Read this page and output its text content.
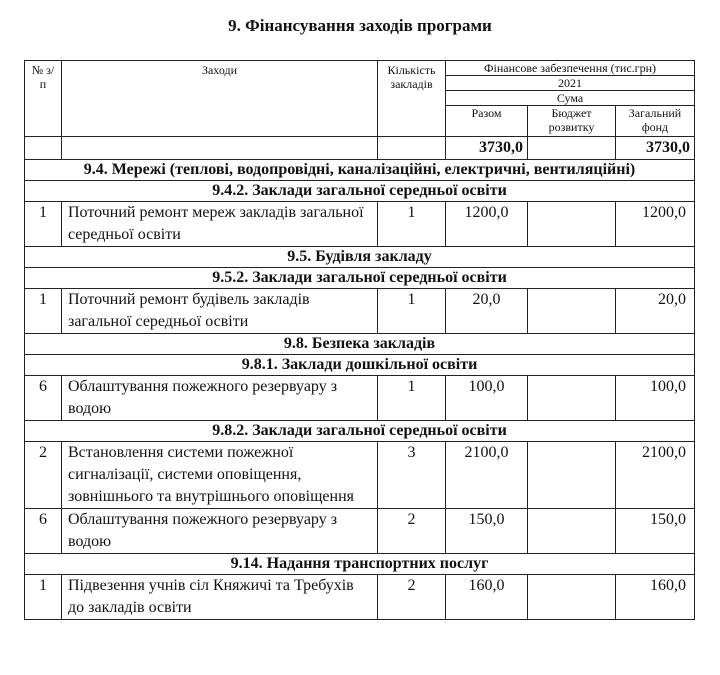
9. Фінансування заходів програми
№ з/п	Заходи	Кількість закладів	Фінансове забезпечення (тис.грн)		
			2021		
			Сума		
			Разом	Бюджет розвитку	Загальний фонд
			3730,0		3730,0
9.4. Мережі (теплові, водопровідні, каналізаційні, електричні, вентиляційні)					
9.4.2. Заклади загальної середньої освіти					
1	Поточний ремонт мереж закладів загальної середньої освіти	1	1200,0		1200,0
9.5. Будівля закладу					
9.5.2. Заклади загальної середньої освіти					
1	Поточний ремонт будівель закладів загальної середньої освіти	1	20,0		20,0
9.8. Безпека закладів					
9.8.1. Заклади дошкільної освіти					
6	Облаштування пожежного резервуару з водою	1	100,0		100,0
9.8.2. Заклади загальної середньої освіти					
2	Встановлення системи пожежної сигналізації, системи оповіщення, зовнішнього та внутрішнього оповіщення	3	2100,0		2100,0
6	Облаштування пожежного резервуару з водою	2	150,0		150,0
9.14. Надання транспортних послуг					
1	Підвезення учнів сіл Княжичі та Требухів до закладів освіти	2	160,0		160,0
